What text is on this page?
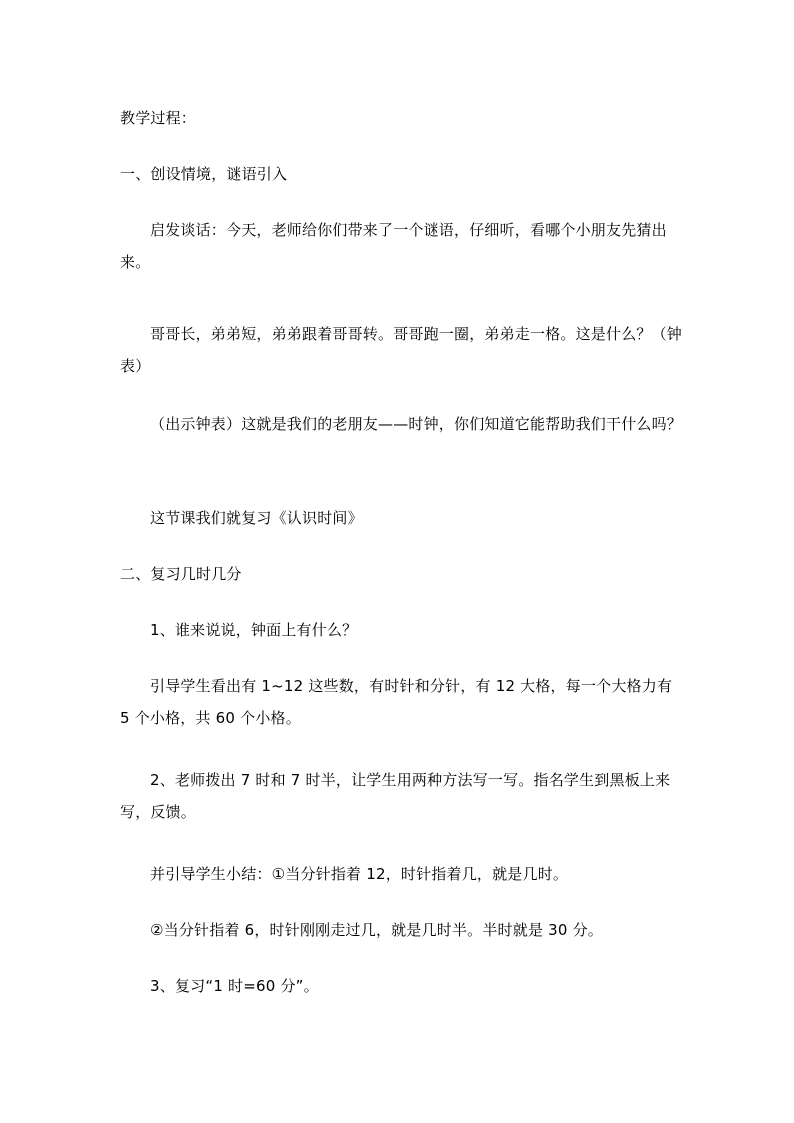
教学过程：

一、创设情境，谜语引入

启发谈话：今天，老师给你们带来了一个谜语，仔细听，看哪个小朋友先猜出来。

哥哥长，弟弟短，弟弟跟着哥哥转。哥哥跑一圈，弟弟走一格。这是什么？（钟表）

（出示钟表）这就是我们的老朋友——时钟，你们知道它能帮助我们干什么吗？

这节课我们就复习《认识时间》

二、复习几时几分

1、谁来说说，钟面上有什么？

引导学生看出有 1~12 这些数，有时针和分针，有 12 大格，每一个大格力有 5 个小格，共 60 个小格。

2、老师拨出 7 时和 7 时半，让学生用两种方法写一写。指名学生到黑板上来写，反馈。

并引导学生小结：①当分针指着 12，时针指着几，就是几时。

②当分针指着 6，时针刚刚走过几，就是几时半。半时就是 30 分。

3、复习“1 时=60 分”。
